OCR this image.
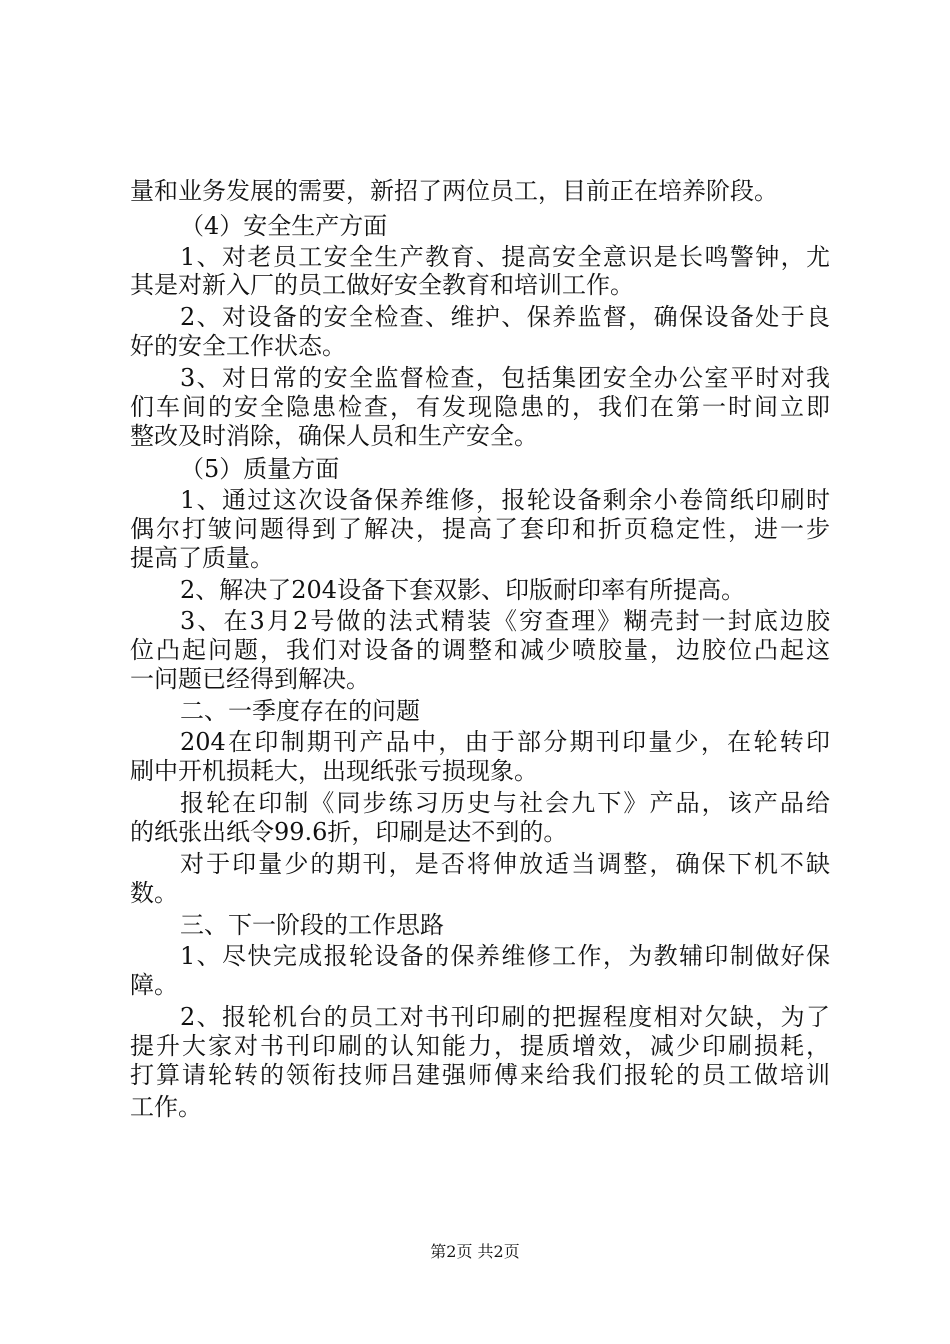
量和业务发展的需要，新招了两位员工，目前正在培养阶段。
（4）安全生产方面
1、对老员工安全生产教育、提高安全意识是长鸣警钟，尤
其是对新入厂的员工做好安全教育和培训工作。
2、对设备的安全检查、维护、保养监督，确保设备处于良
好的安全工作状态。
3、对日常的安全监督检查，包括集团安全办公室平时对我
们车间的安全隐患检查，有发现隐患的，我们在第一时间立即
整改及时消除，确保人员和生产安全。
（5）质量方面
1、通过这次设备保养维修，报轮设备剩余小卷筒纸印刷时
偶尔打皱问题得到了解决，提高了套印和折页稳定性，进一步
提高了质量。
2、解决了204设备下套双影、印版耐印率有所提高。
3、在3月2号做的法式精装《穷查理》糊壳封一封底边胶
位凸起问题，我们对设备的调整和减少喷胶量，边胶位凸起这
一问题已经得到解决。
二、一季度存在的问题
204在印制期刊产品中，由于部分期刊印量少，在轮转印
刷中开机损耗大，出现纸张亏损现象。
报轮在印制《同步练习历史与社会九下》产品，该产品给
的纸张出纸令99.6折，印刷是达不到的。
对于印量少的期刊，是否将伸放适当调整，确保下机不缺
数。
三、下一阶段的工作思路
1、尽快完成报轮设备的保养维修工作，为教辅印制做好保
障。
2、报轮机台的员工对书刊印刷的把握程度相对欠缺，为了
提升大家对书刊印刷的认知能力，提质增效，减少印刷损耗，
打算请轮转的领衔技师吕建强师傅来给我们报轮的员工做培训
工作。
第2页 共2页
